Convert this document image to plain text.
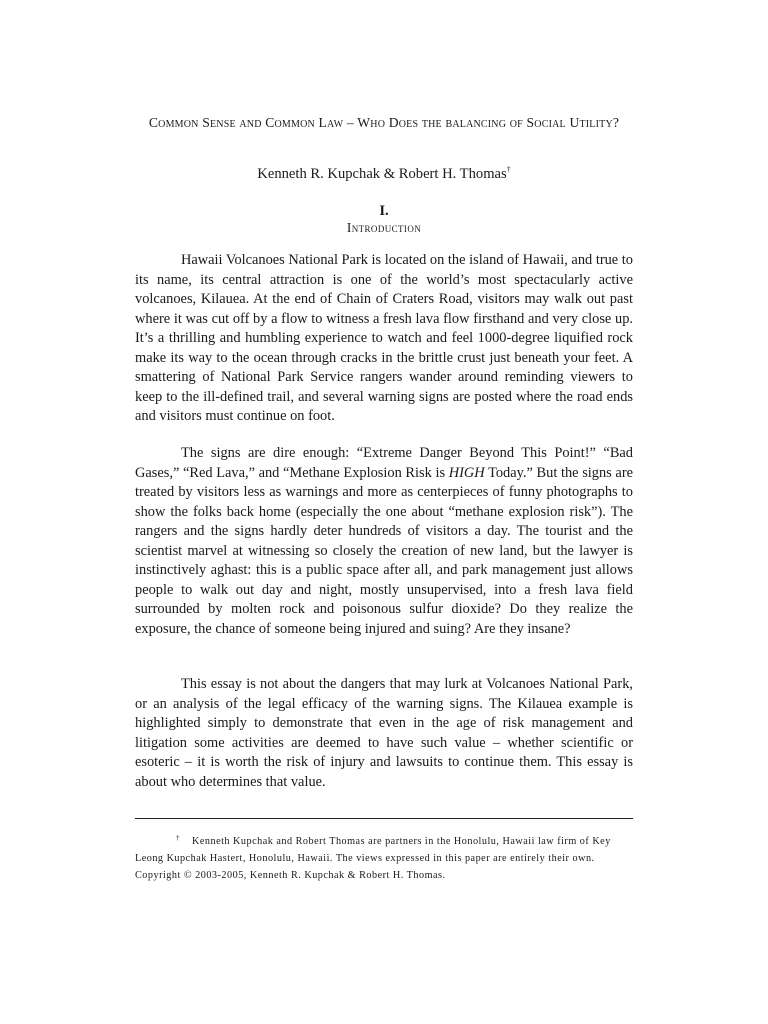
Common Sense and Common Law – Who Does the balancing of Social Utility?
Kenneth R. Kupchak & Robert H. Thomas†
I.
Introduction

Hawaii Volcanoes National Park is located on the island of Hawaii, and true to its name, its central attraction is one of the world’s most spectacularly active volcanoes, Kilauea. At the end of Chain of Craters Road, visitors may walk out past where it was cut off by a flow to witness a fresh lava flow firsthand and very close up. It’s a thrilling and humbling experience to watch and feel 1000-degree liquified rock make its way to the ocean through cracks in the brittle crust just beneath your feet. A smattering of National Park Service rangers wander around reminding viewers to keep to the ill-defined trail, and several warning signs are posted where the road ends and visitors must continue on foot.

The signs are dire enough: “Extreme Danger Beyond This Point!” “Bad Gases,” “Red Lava,” and “Methane Explosion Risk is HIGH Today.” But the signs are treated by visitors less as warnings and more as centerpieces of funny photographs to show the folks back home (especially the one about “methane explosion risk”). The rangers and the signs hardly deter hundreds of visitors a day. The tourist and the scientist marvel at witnessing so closely the creation of new land, but the lawyer is instinctively aghast: this is a public space after all, and park management just allows people to walk out day and night, mostly unsupervised, into a fresh lava field surrounded by molten rock and poisonous sulfur dioxide? Do they realize the exposure, the chance of someone being injured and suing? Are they insane?

This essay is not about the dangers that may lurk at Volcanoes National Park, or an analysis of the legal efficacy of the warning signs. The Kilauea example is highlighted simply to demonstrate that even in the age of risk management and litigation some activities are deemed to have such value – whether scientific or esoteric – it is worth the risk of injury and lawsuits to continue them. This essay is about who determines that value.

† Kenneth Kupchak and Robert Thomas are partners in the Honolulu, Hawaii law firm of Key Leong Kupchak Hastert, Honolulu, Hawaii. The views expressed in this paper are entirely their own. Copyright © 2003-2005, Kenneth R. Kupchak & Robert H. Thomas.
